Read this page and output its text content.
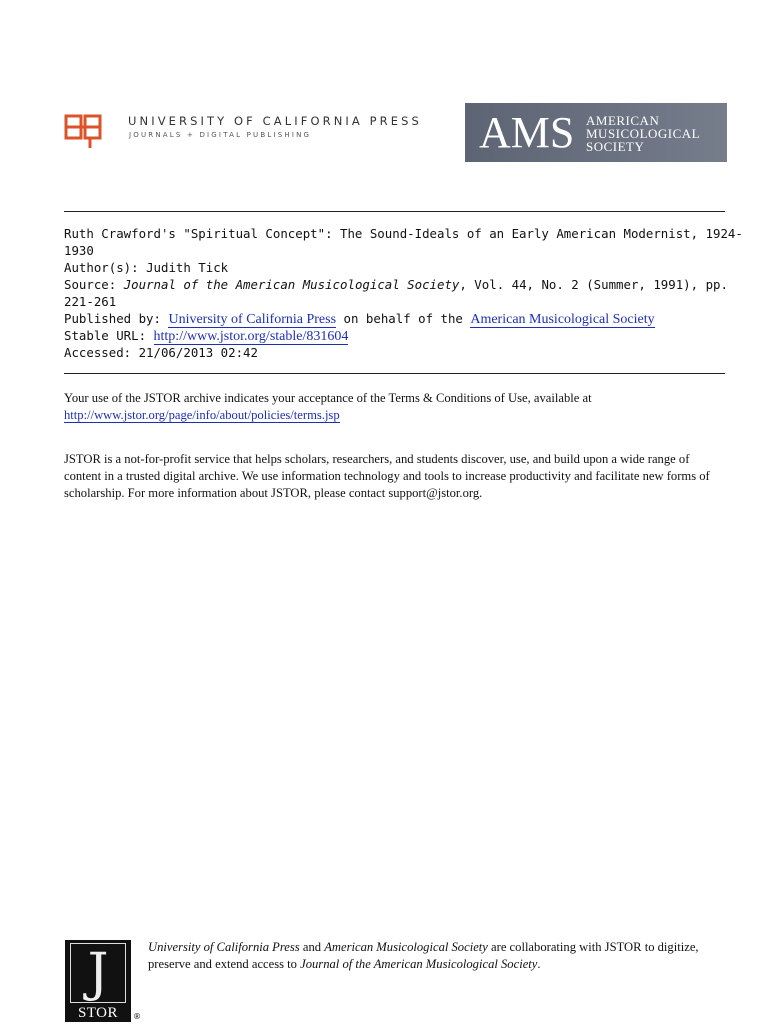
UNIVERSITY OF CALIFORNIA PRESS
JOURNALS + DIGITAL PUBLISHING	AMS AMERICAN
MUSICOLOGICAL
SOCIETY
Ruth Crawford's "Spiritual Concept": The Sound-Ideals of an Early American Modernist, 1924-
1930
Author(s): Judith Tick
Source: Journal of the American Musicological Society, Vol. 44, No. 2 (Summer, 1991), pp.
221-261
Published by: University of California Press on behalf of the American Musicological Society
Stable URL: http://www.jstor.org/stable/831604
Accessed: 21/06/2013 02:42
Your use of the JSTOR archive indicates your acceptance of the Terms & Conditions of Use, available at
http://www.jstor.org/page/info/about/policies/terms.jsp
JSTOR is a not-for-profit service that helps scholars, researchers, and students discover, use, and build upon a wide range of content in a trusted digital archive. We use information technology and tools to increase productivity and facilitate new forms of scholarship. For more information about JSTOR, please contact support@jstor.org.
J
STOR	®
University of California Press and American Musicological Society are collaborating with JSTOR to digitize, preserve and extend access to Journal of the American Musicological Society.
